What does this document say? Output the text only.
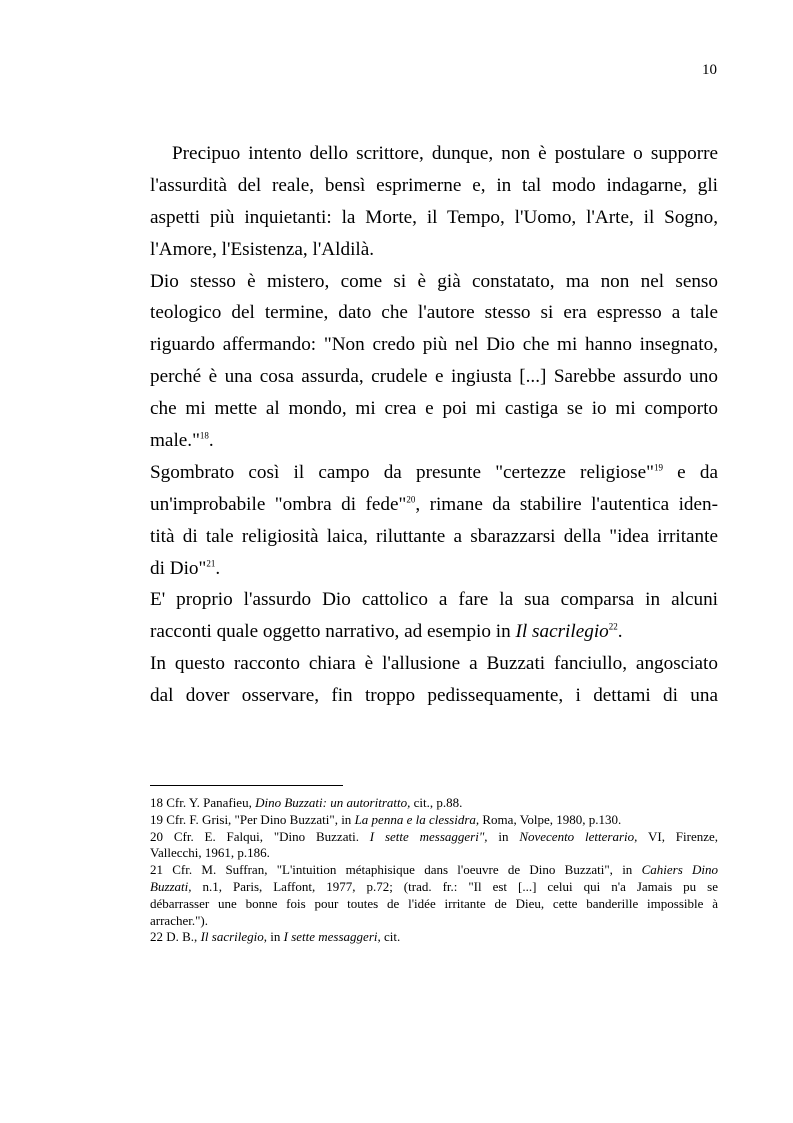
10
Precipuo intento dello scrittore, dunque, non è postulare o supporre
l'assurdità del reale, bensì esprimerne e, in tal modo indagarne, gli
aspetti più inquietanti: la Morte, il Tempo, l'Uomo, l'Arte, il Sogno,
l'Amore, l'Esistenza, l'Aldilà.
Dio stesso è mistero, come si è già constatato, ma non nel senso
teologico del termine, dato che l'autore stesso si era espresso a tale
riguardo affermando: "Non credo più nel Dio che mi hanno insegnato,
perché è una cosa assurda, crudele e ingiusta [...] Sarebbe assurdo uno
che mi mette al mondo, mi crea e poi mi castiga se io mi comporto
male."$^{18}$.
Sgombrato così il campo da presunte "certezze religiose"$^{19}$ e da
un'improbabile "ombra di fede"$^{20}$, rimane da stabilire l'autentica iden-
tità di tale religiosità laica, riluttante a sbarazzarsi della "idea irritante
di Dio"$^{21}$.
E' proprio l'assurdo Dio cattolico a fare la sua comparsa in alcuni
racconti quale oggetto narrativo, ad esempio in Il sacrilegio$^{22}$.
In questo racconto chiara è l'allusione a Buzzati fanciullo, angosciato
dal dover osservare, fin troppo pedissequamente, i dettami di una
18 Cfr. Y. Panafieu, Dino Buzzati: un autoritratto, cit., p.88.
19 Cfr. F. Grisi, "Per Dino Buzzati", in La penna e la clessidra, Roma, Volpe, 1980, p.130.
20 Cfr. E. Falqui, "Dino Buzzati. I sette messaggeri", in Novecento letterario, VI, Firenze,
Vallecchi, 1961, p.186.
21 Cfr. M. Suffran, "L'intuition métaphisique dans l'oeuvre de Dino Buzzati", in Cahiers Dino
Buzzati, n.1, Paris, Laffont, 1977, p.72; (trad. fr.: "Il est [...] celui qui n'a Jamais pu se
débarrasser une bonne fois pour toutes de l'idée irritante de Dieu, cette banderille impossible à
arracher.").
22 D. B., Il sacrilegio, in I sette messaggeri, cit.
